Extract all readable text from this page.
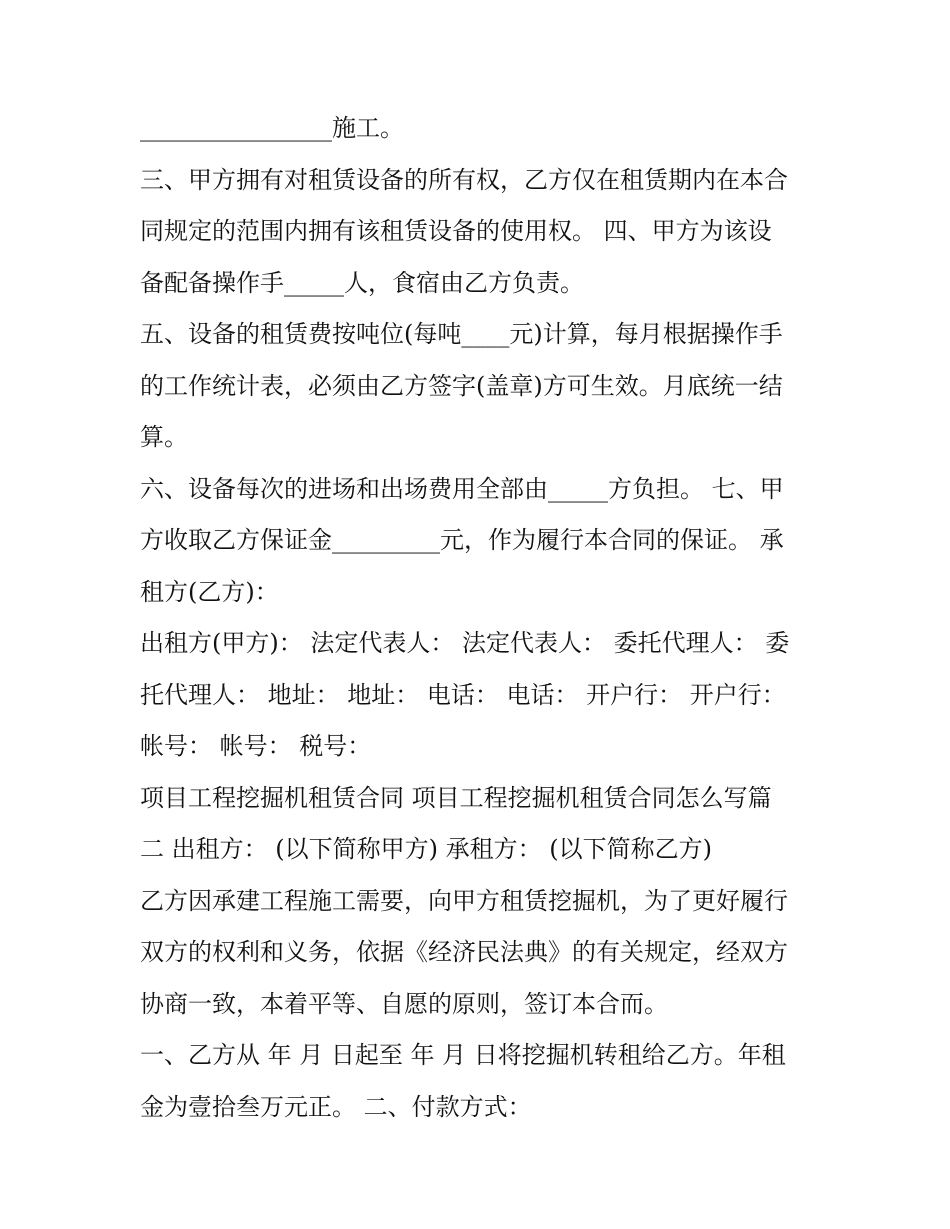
________________施工。
三、甲方拥有对租赁设备的所有权，乙方仅在租赁期内在本合
同规定的范围内拥有该租赁设备的使用权。 四、甲方为该设
备配备操作手_____人，食宿由乙方负责。
五、设备的租赁费按吨位(每吨____元)计算，每月根据操作手
的工作统计表，必须由乙方签字(盖章)方可生效。月底统一结
算。
六、设备每次的进场和出场费用全部由_____方负担。 七、甲
方收取乙方保证金_________元，作为履行本合同的保证。 承
租方(乙方)：
出租方(甲方)： 法定代表人： 法定代表人： 委托代理人： 委
托代理人： 地址： 地址： 电话： 电话： 开户行： 开户行：
帐号： 帐号： 税号：
项目工程挖掘机租赁合同 项目工程挖掘机租赁合同怎么写篇
二 出租方： (以下简称甲方) 承租方： (以下简称乙方)
乙方因承建工程施工需要，向甲方租赁挖掘机，为了更好履行
双方的权利和义务，依据《经济民法典》的有关规定，经双方
协商一致，本着平等、自愿的原则，签订本合而。
一、乙方从 年 月 日起至 年 月 日将挖掘机转租给乙方。年租
金为壹拾叁万元正。 二、付款方式：
